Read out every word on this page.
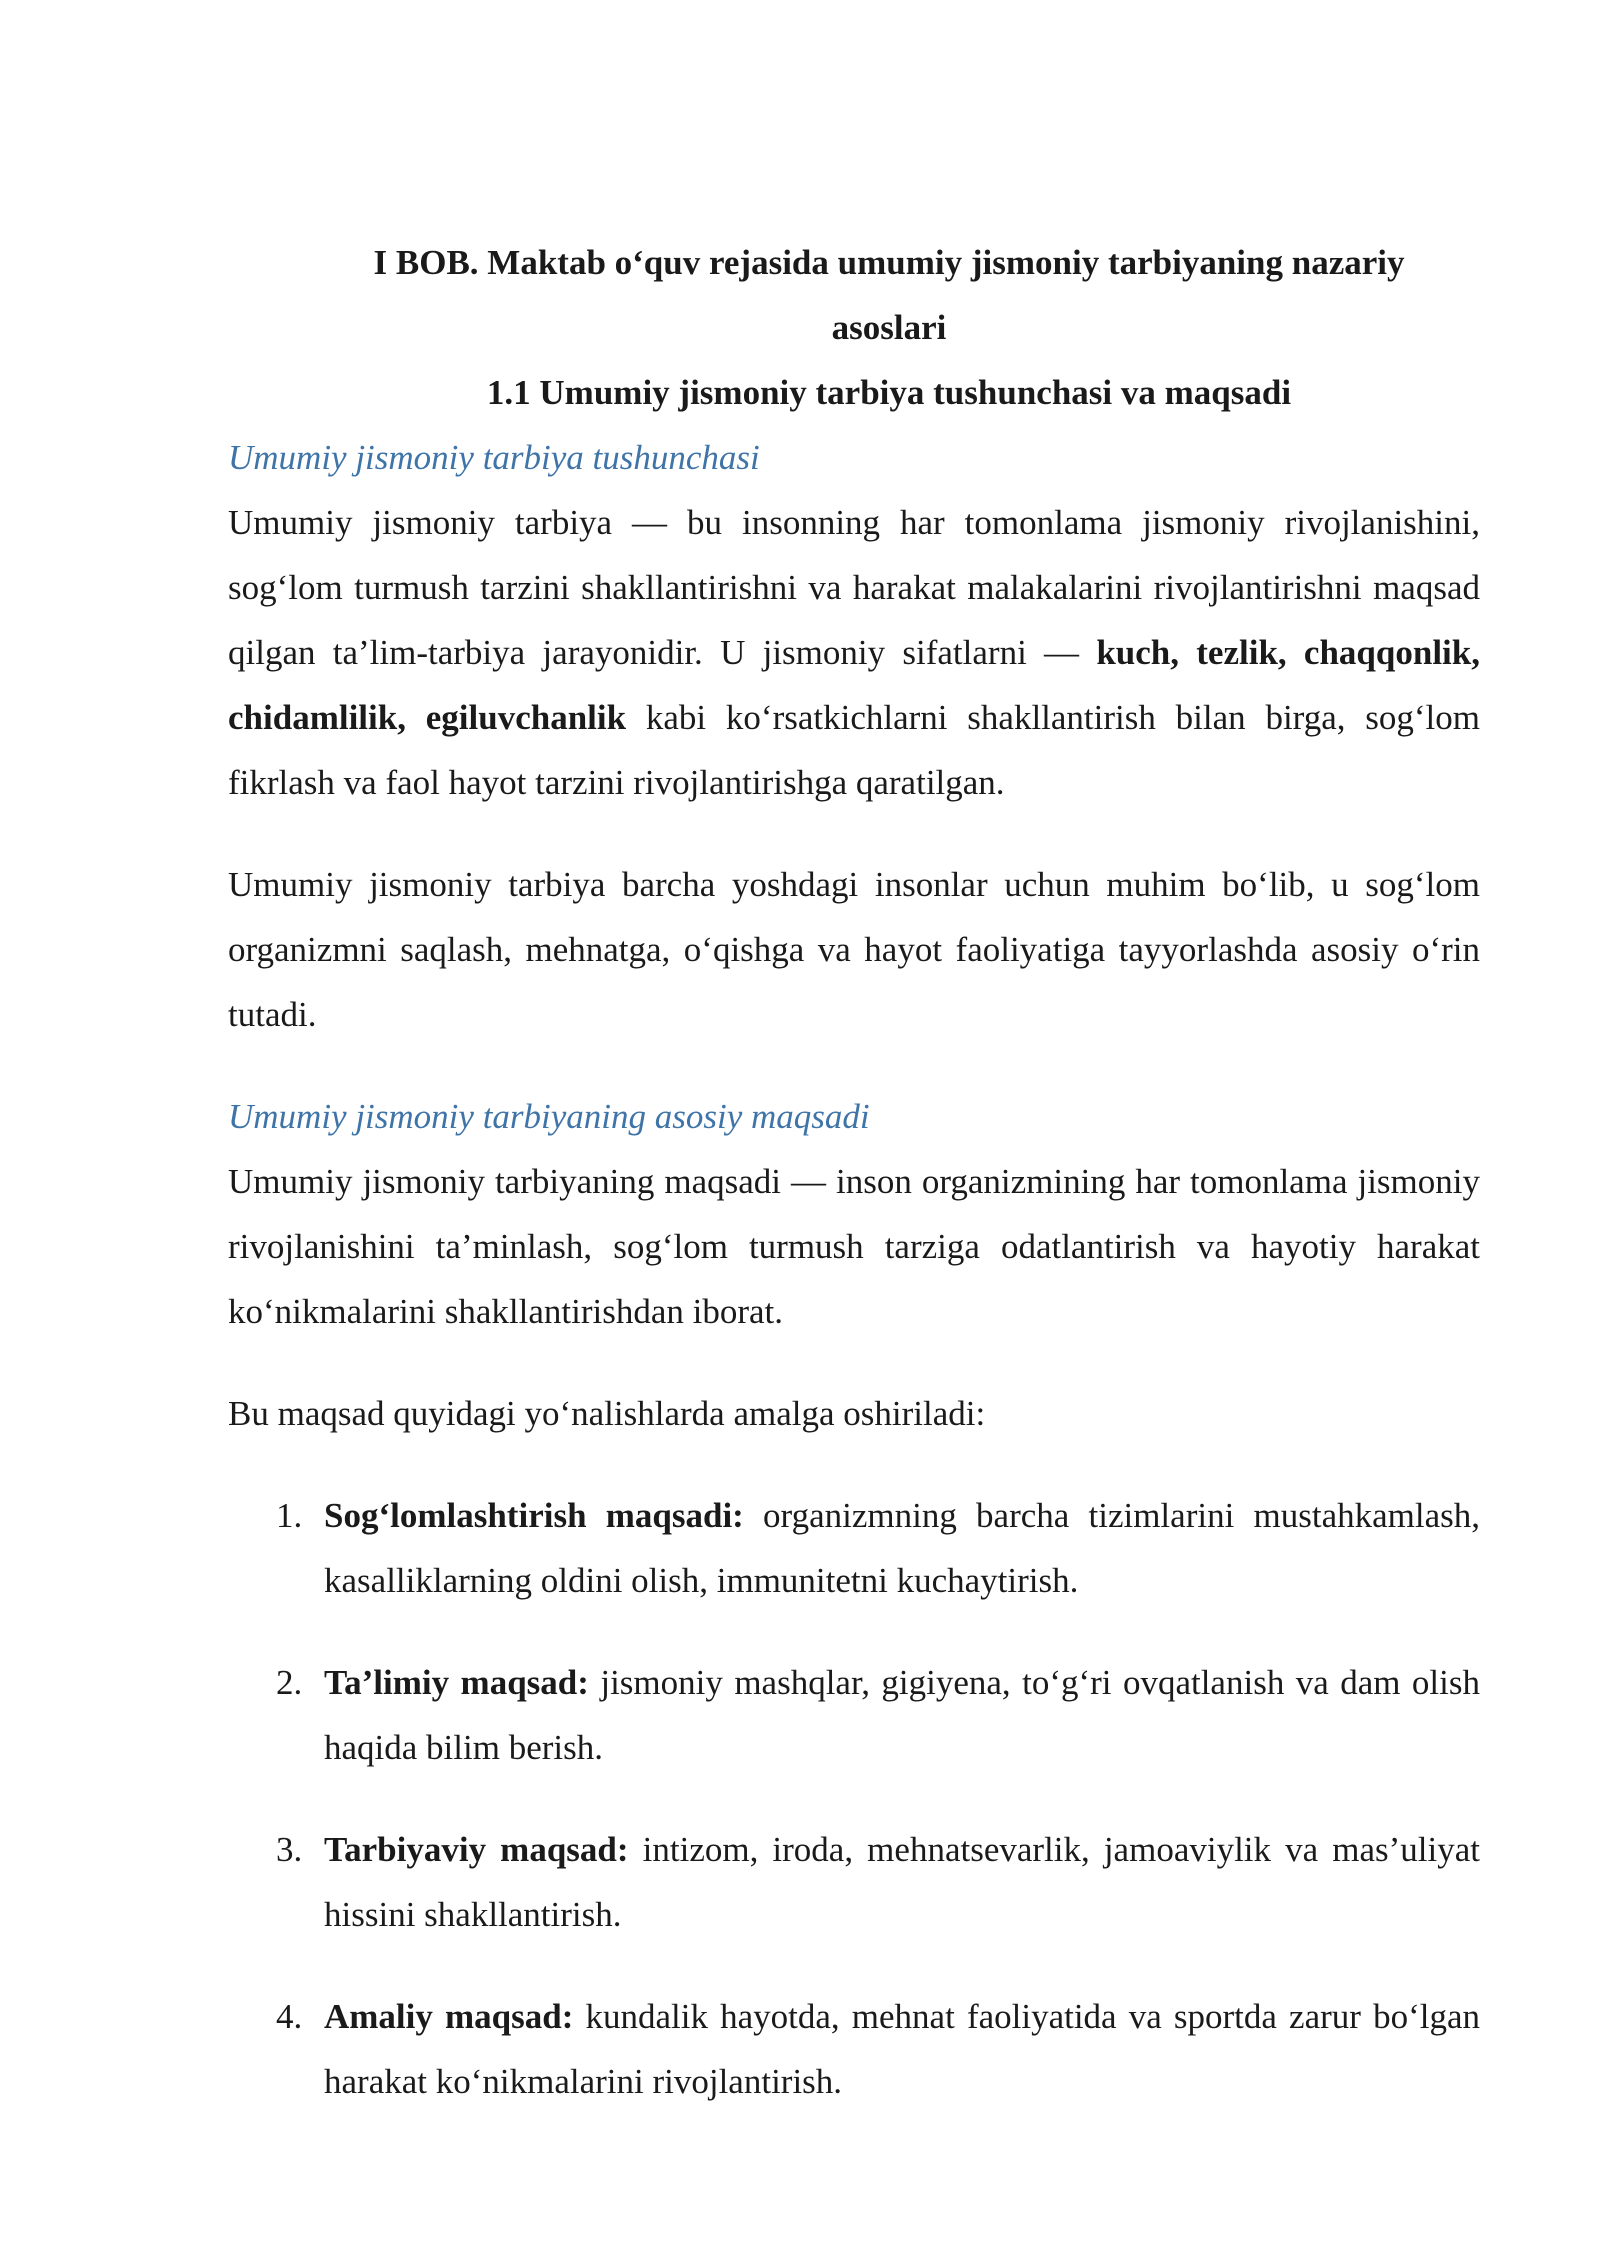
I BOB. Maktab o‘quv rejasida umumiy jismoniy tarbiyaning nazariy
asoslari
1.1 Umumiy jismoniy tarbiya tushunchasi va maqsadi
Umumiy jismoniy tarbiya tushunchasi

Umumiy jismoniy tarbiya — bu insonning har tomonlama jismoniy rivojlanishini, sog‘lom turmush tarzini shakllantirishni va harakat malakalarini rivojlantirishni maqsad qilgan ta’lim-tarbiya jarayonidir. U jismoniy sifatlarni — kuch, tezlik, chaqqonlik, chidamlilik, egiluvchanlik kabi ko‘rsatkichlarni shakllantirish bilan birga, sog‘lom fikrlash va faol hayot tarzini rivojlantirishga qaratilgan.

Umumiy jismoniy tarbiya barcha yoshdagi insonlar uchun muhim bo‘lib, u sog‘lom organizmni saqlash, mehnatga, o‘qishga va hayot faoliyatiga tayyorlashda asosiy o‘rin tutadi.

Umumiy jismoniy tarbiyaning asosiy maqsadi

Umumiy jismoniy tarbiyaning maqsadi — inson organizmining har tomonlama jismoniy rivojlanishini ta’minlash, sog‘lom turmush tarziga odatlantirish va hayotiy harakat ko‘nikmalarini shakllantirishdan iborat.

Bu maqsad quyidagi yo‘nalishlarda amalga oshiriladi:

1. Sog‘lomlashtirish maqsadi: organizmning barcha tizimlarini mustahkamlash, kasalliklarning oldini olish, immunitetni kuchaytirish.
2. Ta’limiy maqsad: jismoniy mashqlar, gigiyena, to‘g‘ri ovqatlanish va dam olish haqida bilim berish.
3. Tarbiyaviy maqsad: intizom, iroda, mehnatsevarlik, jamoaviylik va mas’uliyat hissini shakllantirish.
4. Amaliy maqsad: kundalik hayotda, mehnat faoliyatida va sportda zarur bo‘lgan harakat ko‘nikmalarini rivojlantirish.
